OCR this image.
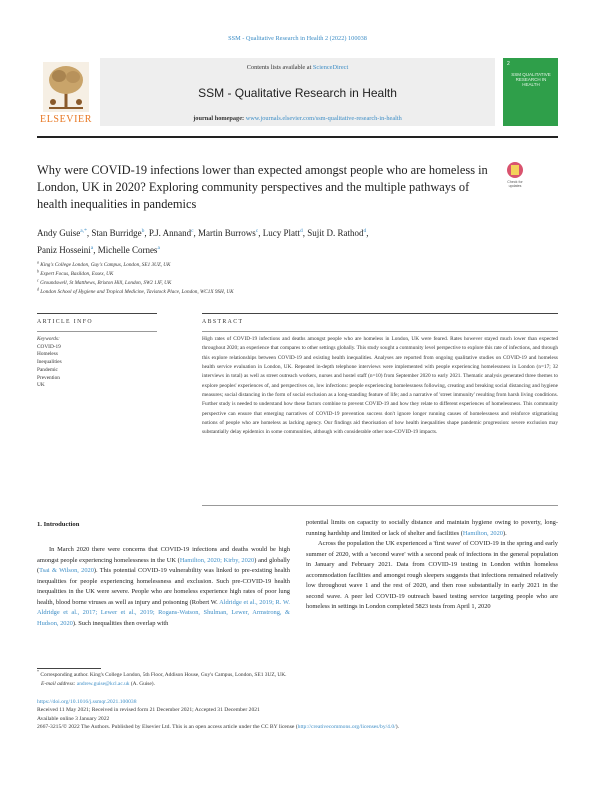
SSM - Qualitative Research in Health 2 (2022) 100038
ELSEVIER
Contents lists available at ScienceDirect
SSM - Qualitative Research in Health
journal homepage: www.journals.elsevier.com/ssm-qualitative-research-in-health
2
SSM QUALITATIVE RESEARCH IN HEALTH
Why were COVID-19 infections lower than expected amongst people who are homeless in London, UK in 2020? Exploring community perspectives and the multiple pathways of health inequalities in pandemics
Check for updates
Andy Guise$^{a,*}$, Stan Burridge$^b$, P.J. Annand$^c$, Martin Burrows$^c$, Lucy Platt$^d$, Sujit D. Rathod$^d$,
Paniz Hosseini$^a$, Michelle Cornes$^a$
$^a$ King's College London, Guy's Campus, London, SE1 3UZ, UK
$^b$ Expert Focus, Basildon, Essex, UK
$^c$ Groundswell, St Matthews, Brixton Hill, London, SW2 1JF, UK
$^d$ London School of Hygiene and Tropical Medicine, Tavistock Place, London, WC1X 9SH, UK
ARTICLE INFO	ABSTRACT
Keywords:
COVID-19
Homeless
Inequalities
Pandemic
Prevention
UK
High rates of COVID-19 infections and deaths amongst people who are homeless in London, UK were feared. Rates however stayed much lower than expected throughout 2020; an experience that compares to other settings globally. This study sought a community level perspective to explore this rate of infections, and through this explore relationships between COVID-19 and existing health inequalities. Analyses are reported from ongoing qualitative studies on COVID-19 and homeless health service evaluation in London, UK. Repeated in-depth telephone interviews were implemented with people experiencing homelessness in London (n=17; 32 interviews in total) as well as street outreach workers, nurses and hostel staff (n=10) from September 2020 to early 2021. Thematic analysis generated three themes to explore peoples' experiences of, and perspectives on, low infections: people experiencing homelessness following, creating and breaking social distancing and hygiene measures; social distancing in the form of social exclusion as a long-standing feature of life; and a narrative of 'street immunity' resulting from harsh living conditions. Further study is needed to understand how these factors combine to prevent COVID-19 and how they relate to different experiences of homelessness. This community perspective can ensure that emerging narratives of COVID-19 prevention success don't ignore longer running causes of homelessness and reinforce stigmatising notions of people who are homeless as lacking agency. Our findings aid theorisation of how health inequalities shape pandemic progression: severe exclusion may substantially delay epidemics in some communities, although with considerable other non-COVID-19 impacts.
1. Introduction

In March 2020 there were concerns that COVID-19 infections and deaths would be high amongst people experiencing homelessness in the UK (Hamilton, 2020; Kirby, 2020) and globally (Tsai & Wilson, 2020). This potential COVID-19 vulnerability was linked to pre-existing health inequalities for people experiencing homelessness and exclusion. Such pre-COVID-19 health inequalities in the UK were severe. People who are homeless experience high rates of poor lung health, blood borne viruses as well as injury and poisoning (Robert W. Aldridge et al., 2019; R. W. Aldridge et al., 2017; Lewer et al., 2019; Rogans-Watson, Shulman, Lewer, Armstrong, & Hudson, 2020). Such inequalities then overlap with

potential limits on capacity to socially distance and maintain hygiene owing to poverty, long-running hardship and limited or lack of shelter and facilities (Hamilton, 2020).

Across the population the UK experienced a 'first wave' of COVID-19 in the spring and early summer of 2020, with a 'second wave' with a second peak of infections in the general population in January and February 2021. Data from COVID-19 testing in London within homeless accommodation facilities and amongst rough sleepers suggests that infections remained relatively low throughout wave 1 and the rest of 2020, and then rose substantially in early 2021 in the second wave. A peer led COVID-19 outreach based testing service targeting people who are homeless in settings in London completed 5823 tests from April 1, 2020

* Corresponding author. King's College London, 5th Floor, Addison House, Guy's Campus, London, SE1 3UZ, UK.
E-mail address: andrew.guise@kcl.ac.uk (A. Guise).
https://doi.org/10.1016/j.ssmqr.2021.100038
Received 11 May 2021; Received in revised form 21 December 2021; Accepted 31 December 2021
Available online 3 January 2022
2667-3215/© 2022 The Authors. Published by Elsevier Ltd. This is an open access article under the CC BY license (http://creativecommons.org/licenses/by/4.0/).
